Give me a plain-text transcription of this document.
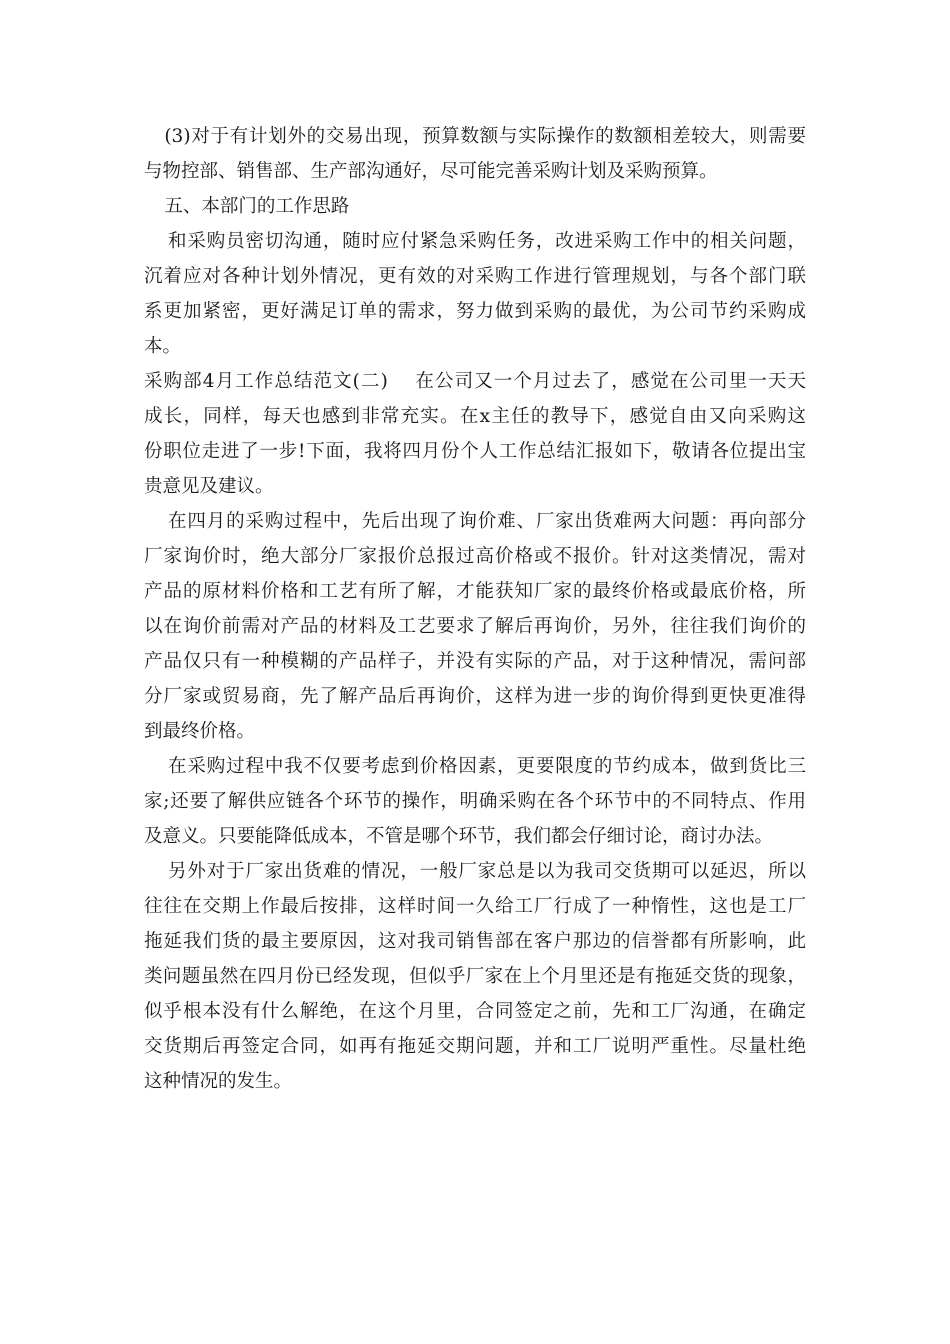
(3)对于有计划外的交易出现，预算数额与实际操作的数额相差较大，则需要
与物控部、销售部、生产部沟通好，尽可能完善采购计划及采购预算。

五、本部门的工作思路

和采购员密切沟通，随时应付紧急采购任务，改进采购工作中的相关问题，
沉着应对各种计划外情况，更有效的对采购工作进行管理规划，与各个部门联
系更加紧密，更好满足订单的需求，努力做到采购的最优，为公司节约采购成
本。

采购部4月工作总结范文(二)　 在公司又一个月过去了，感觉在公司里一天天
成长，同样，每天也感到非常充实。在x主任的教导下，感觉自由又向采购这
份职位走进了一步!下面，我将四月份个人工作总结汇报如下，敬请各位提出宝
贵意见及建议。

在四月的采购过程中，先后出现了询价难、厂家出货难两大问题：再向部分
厂家询价时，绝大部分厂家报价总报过高价格或不报价。针对这类情况，需对
产品的原材料价格和工艺有所了解，才能获知厂家的最终价格或最底价格，所
以在询价前需对产品的材料及工艺要求了解后再询价，另外，往往我们询价的
产品仅只有一种模糊的产品样子，并没有实际的产品，对于这种情况，需问部
分厂家或贸易商，先了解产品后再询价，这样为进一步的询价得到更快更准得
到最终价格。

在采购过程中我不仅要考虑到价格因素，更要限度的节约成本，做到货比三
家;还要了解供应链各个环节的操作，明确采购在各个环节中的不同特点、作用
及意义。只要能降低成本，不管是哪个环节，我们都会仔细讨论，商讨办法。

另外对于厂家出货难的情况，一般厂家总是以为我司交货期可以延迟，所以
往往在交期上作最后按排，这样时间一久给工厂行成了一种惰性，这也是工厂
拖延我们货的最主要原因，这对我司销售部在客户那边的信誉都有所影响，此
类问题虽然在四月份已经发现，但似乎厂家在上个月里还是有拖延交货的现象，
似乎根本没有什么解绝，在这个月里，合同签定之前，先和工厂沟通，在确定
交货期后再签定合同，如再有拖延交期问题，并和工厂说明严重性。尽量杜绝
这种情况的发生。
